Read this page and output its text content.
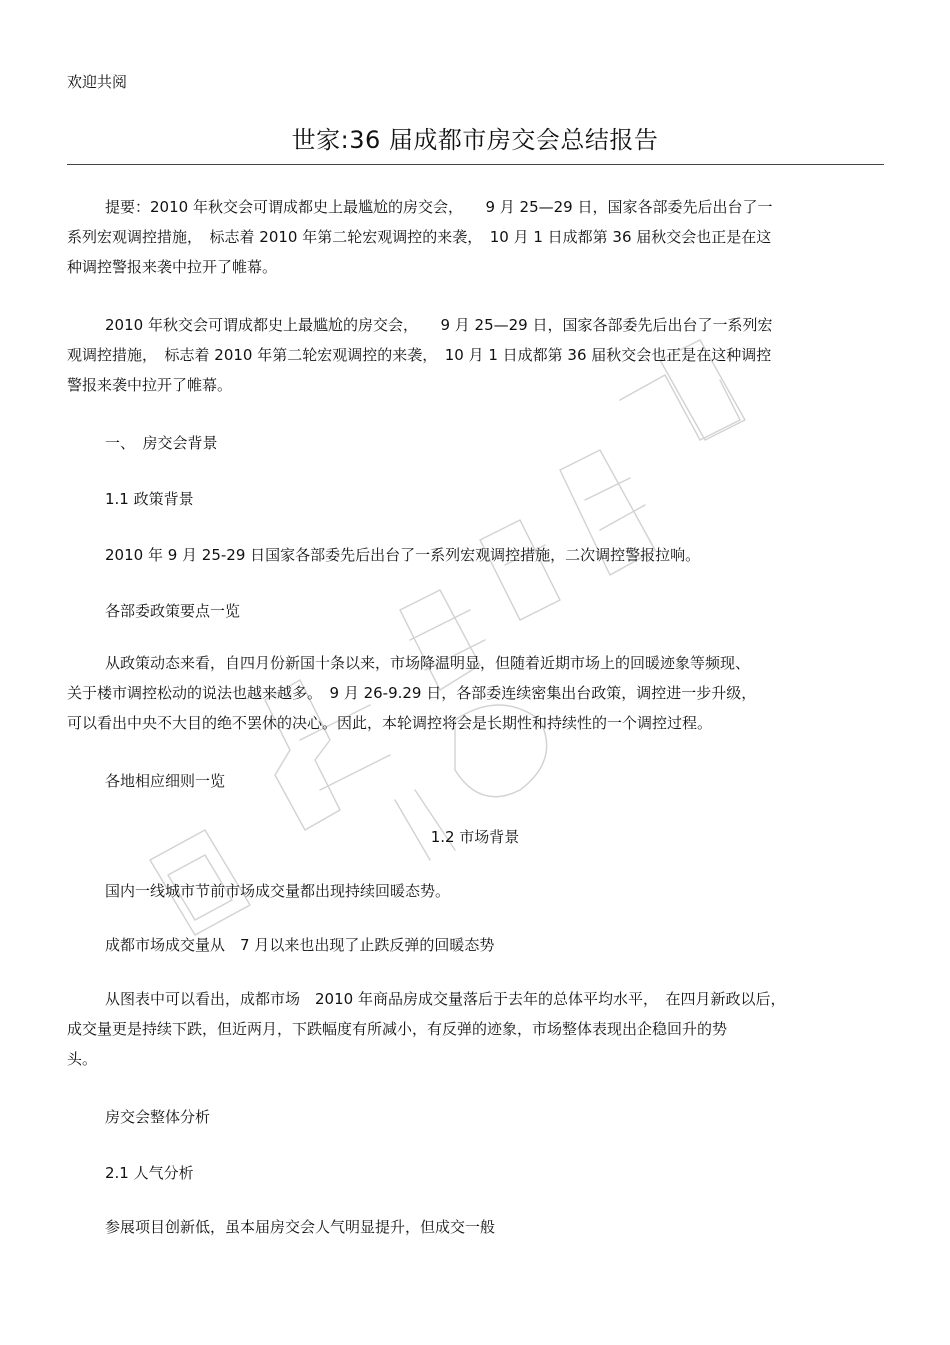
欢迎共阅
世家:36 届成都市房交会总结报告
提要：2010 年秋交会可谓成都史上最尴尬的房交会，　　9 月 25—29 日，国家各部委先后出台了一
系列宏观调控措施，　标志着 2010 年第二轮宏观调控的来袭，　10 月 1 日成都第 36 届秋交会也正是在这
种调控警报来袭中拉开了帷幕。
2010 年秋交会可谓成都史上最尴尬的房交会，　　9 月 25—29 日，国家各部委先后出台了一系列宏
观调控措施，　标志着 2010 年第二轮宏观调控的来袭，　10 月 1 日成都第 36 届秋交会也正是在这种调控
警报来袭中拉开了帷幕。
一、　房交会背景
1.1 政策背景
2010 年 9 月 25-29 日国家各部委先后出台了一系列宏观调控措施，二次调控警报拉响。
各部委政策要点一览
从政策动态来看，自四月份新国十条以来，市场降温明显，但随着近期市场上的回暖迹象等频现、
关于楼市调控松动的说法也越来越多。　9 月 26-9.29 日，各部委连续密集出台政策，调控进一步升级，
可以看出中央不大目的绝不罢休的决心。因此，本轮调控将会是长期性和持续性的一个调控过程。
各地相应细则一览
1.2 市场背景
国内一线城市节前市场成交量都出现持续回暖态势。
成都市场成交量从　7 月以来也出现了止跌反弹的回暖态势
从图表中可以看出，成都市场　2010 年商品房成交量落后于去年的总体平均水平，　在四月新政以后，
成交量更是持续下跌，但近两月，下跌幅度有所减小，有反弹的迹象，市场整体表现出企稳回升的势
头。
房交会整体分析
2.1 人气分析
参展项目创新低，虽本届房交会人气明显提升，但成交一般
